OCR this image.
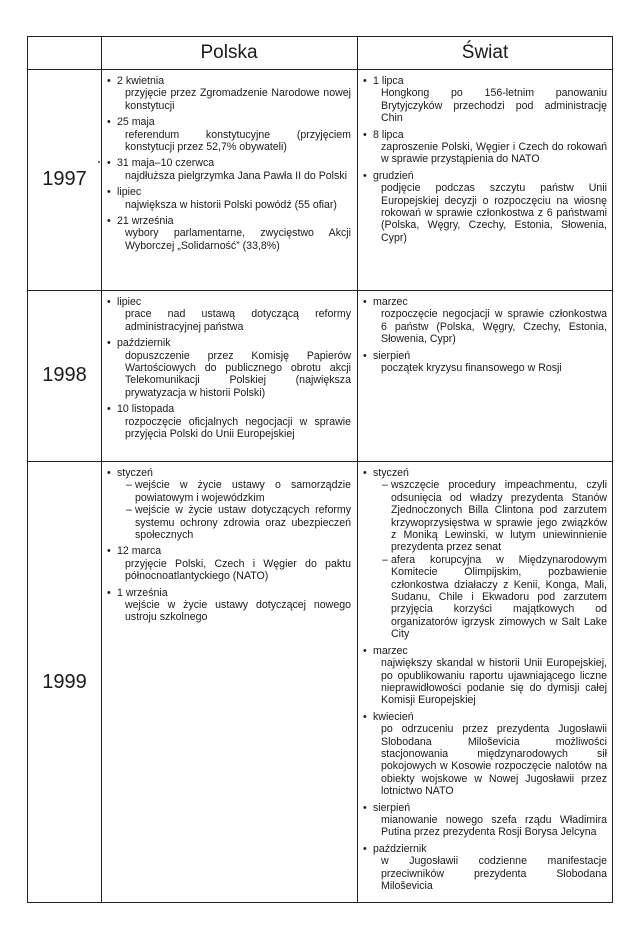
Polska	Świat
1997
1998
1999
• 2 kwietnia
przyjęcie przez Zgromadzenie Narodowe nowej konstytucji
• 25 maja
referendum konstytucyjne (przyjęciem konstytucji przez 52,7% obywateli)
• 31 maja–10 czerwca
najdłuższa pielgrzymka Jana Pawła II do Polski
• lipiec
największa w historii Polski powódź (55 ofiar)
• 21 września
wybory parlamentarne, zwycięstwo Akcji Wyborczej „Solidarność” (33,8%)
• 1 lipca
Hongkong po 156-letnim panowaniu Brytyjczyków przechodzi pod administrację Chin
• 8 lipca
zaproszenie Polski, Węgier i Czech do rokowań w sprawie przystąpienia do NATO
• grudzień
podjęcie podczas szczytu państw Unii Europejskiej decyzji o rozpoczęciu na wiosnę rokowań w sprawie członkostwa z 6 państwami (Polska, Węgry, Czechy, Estonia, Słowenia, Cypr)
• lipiec
prace nad ustawą dotyczącą reformy administracyjnej państwa
• październik
dopuszczenie przez Komisję Papierów Wartościowych do publicznego obrotu akcji Telekomunikacji Polskiej (największa prywatyzacja w historii Polski)
• 10 listopada
rozpoczęcie oficjalnych negocjacji w sprawie przyjęcia Polski do Unii Europejskiej
• marzec
rozpoczęcie negocjacji w sprawie członkostwa 6 państw (Polska, Węgry, Czechy, Estonia, Słowenia, Cypr)
• sierpień
początek kryzysu finansowego w Rosji
• styczeń
– wejście w życie ustawy o samorządzie powiatowym i wojewódzkim
– wejście w życie ustaw dotyczących reformy systemu ochrony zdrowia oraz ubezpieczeń społecznych
• 12 marca
przyjęcie Polski, Czech i Węgier do paktu północnoatlantyckiego (NATO)
• 1 września
wejście w życie ustawy dotyczącej nowego ustroju szkolnego
• styczeń
– wszczęcie procedury impeachmentu, czyli odsunięcia od władzy prezydenta Stanów Zjednoczonych Billa Clintona pod zarzutem krzywoprzysięstwa w sprawie jego związków z Moniką Lewinski, w lutym uniewinnienie prezydenta przez senat
– afera korupcyjna w Międzynarodowym Komitecie Olimpijskim, pozbawienie członkostwa działaczy z Kenii, Konga, Mali, Sudanu, Chile i Ekwadoru pod zarzutem przyjęcia korzyści majątkowych od organizatorów igrzysk zimowych w Salt Lake City
• marzec
największy skandal w historii Unii Europejskiej, po opublikowaniu raportu ujawniającego liczne nieprawidłowości podanie się do dymisji całej Komisji Europejskiej
• kwiecień
po odrzuceniu przez prezydenta Jugosławii Slobodana Miloševicia możliwości stacjonowania międzynarodowych sił pokojowych w Kosowie rozpoczęcie nalotów na obiekty wojskowe w Nowej Jugosławii przez lotnictwo NATO
• sierpień
mianowanie nowego szefa rządu Władimira Putina przez prezydenta Rosji Borysa Jelcyna
• październik
w Jugosławii codzienne manifestacje przeciwników prezydenta Slobodana Miloševicia
